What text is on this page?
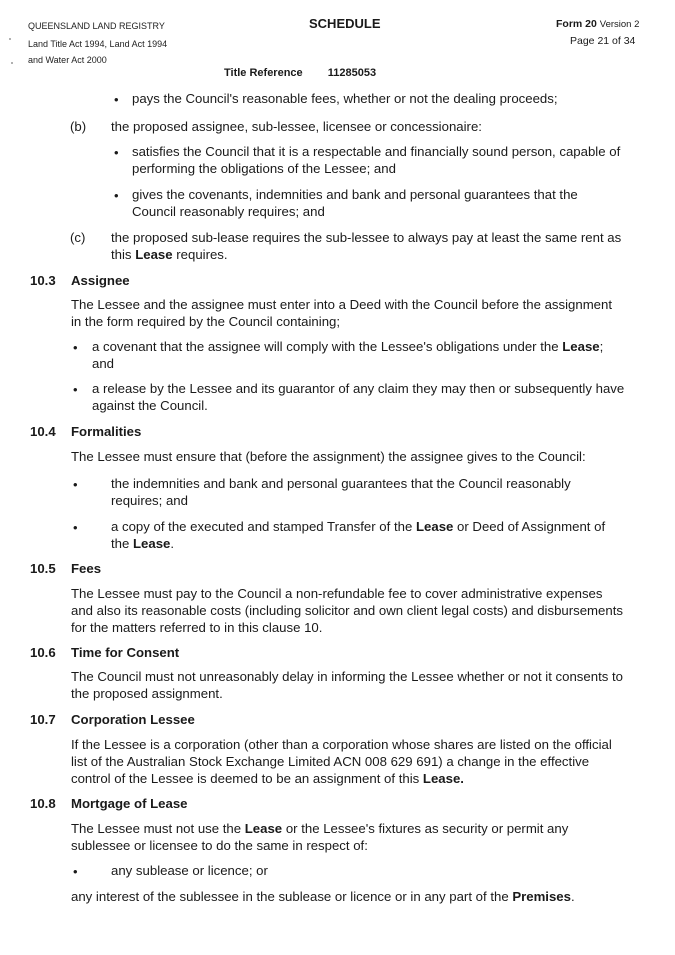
QUEENSLAND LAND REGISTRY
Land Title Act 1994, Land Act 1994
and Water Act 2000
SCHEDULE	Form 20 Version 2
Page 21 of 34
Title Reference 11285053
• pays the Council's reasonable fees, whether or not the dealing proceeds;
(b) the proposed assignee, sub-lessee, licensee or concessionaire:
• satisfies the Council that it is a respectable and financially sound person, capable of
performing the obligations of the Lessee; and
• gives the covenants, indemnities and bank and personal guarantees that the
Council reasonably requires; and
(c) the proposed sub-lease requires the sub-lessee to always pay at least the same rent as
this Lease requires.
10.3 Assignee
The Lessee and the assignee must enter into a Deed with the Council before the assignment
in the form required by the Council containing;
• a covenant that the assignee will comply with the Lessee's obligations under the Lease;
and
• a release by the Lessee and its guarantor of any claim they may then or subsequently have
against the Council.
10.4 Formalities
The Lessee must ensure that (before the assignment) the assignee gives to the Council:
•	the indemnities and bank and personal guarantees that the Council reasonably
requires; and
•	a copy of the executed and stamped Transfer of the Lease or Deed of Assignment of
the Lease.
10.5 Fees
The Lessee must pay to the Council a non-refundable fee to cover administrative expenses
and also its reasonable costs (including solicitor and own client legal costs) and disbursements
for the matters referred to in this clause 10.
10.6 Time for Consent
The Council must not unreasonably delay in informing the Lessee whether or not it consents to
the proposed assignment.
10.7 Corporation Lessee
If the Lessee is a corporation (other than a corporation whose shares are listed on the official
list of the Australian Stock Exchange Limited ACN 008 629 691) a change in the effective
control of the Lessee is deemed to be an assignment of this Lease.
10.8 Mortgage of Lease
The Lessee must not use the Lease or the Lessee's fixtures as security or permit any
sublessee or licensee to do the same in respect of:
•	any sublease or licence; or
any interest of the sublessee in the sublease or licence or in any part of the Premises.
